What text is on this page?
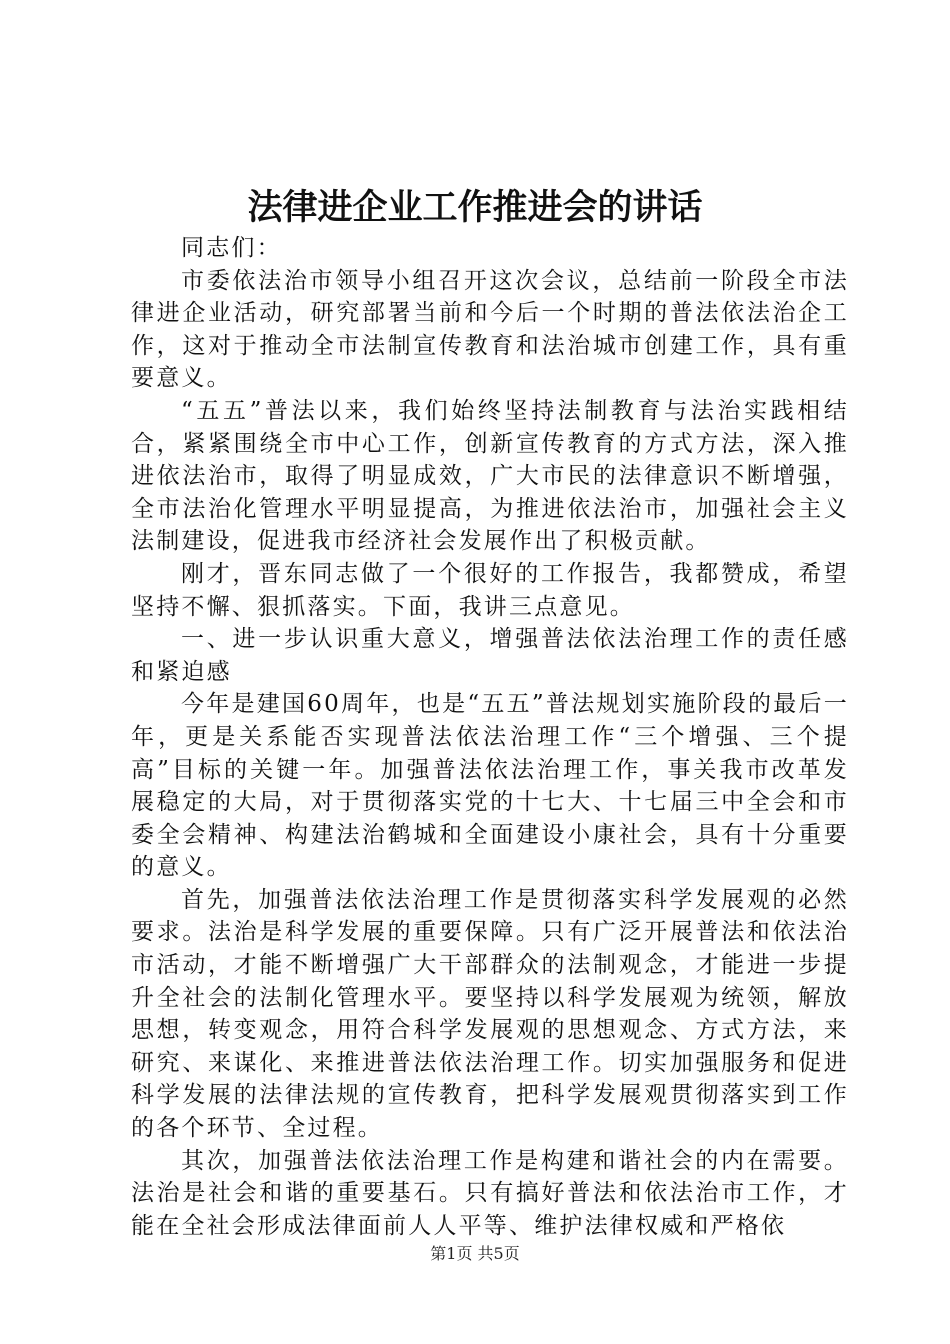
法律进企业工作推进会的讲话

同志们：

市委依法治市领导小组召开这次会议，总结前一阶段全市法律进企业活动，研究部署当前和今后一个时期的普法依法治企工作，这对于推动全市法制宣传教育和法治城市创建工作，具有重要意义。

“五五”普法以来，我们始终坚持法制教育与法治实践相结合，紧紧围绕全市中心工作，创新宣传教育的方式方法，深入推进依法治市，取得了明显成效，广大市民的法律意识不断增强，全市法治化管理水平明显提高，为推进依法治市，加强社会主义法制建设，促进我市经济社会发展作出了积极贡献。

刚才，晋东同志做了一个很好的工作报告，我都赞成，希望坚持不懈、狠抓落实。下面，我讲三点意见。

一、进一步认识重大意义，增强普法依法治理工作的责任感和紧迫感

今年是建国60周年，也是“五五”普法规划实施阶段的最后一年，更是关系能否实现普法依法治理工作“三个增强、三个提高”目标的关键一年。加强普法依法治理工作，事关我市改革发展稳定的大局，对于贯彻落实党的十七大、十七届三中全会和市委全会精神、构建法治鹤城和全面建设小康社会，具有十分重要的意义。

首先，加强普法依法治理工作是贯彻落实科学发展观的必然要求。法治是科学发展的重要保障。只有广泛开展普法和依法治市活动，才能不断增强广大干部群众的法制观念，才能进一步提升全社会的法制化管理水平。要坚持以科学发展观为统领，解放思想，转变观念，用符合科学发展观的思想观念、方式方法，来研究、来谋化、来推进普法依法治理工作。切实加强服务和促进科学发展的法律法规的宣传教育，把科学发展观贯彻落实到工作的各个环节、全过程。

其次，加强普法依法治理工作是构建和谐社会的内在需要。法治是社会和谐的重要基石。只有搞好普法和依法治市工作，才能在全社会形成法律面前人人平等、维护法律权威和严格依

第1页 共5页
